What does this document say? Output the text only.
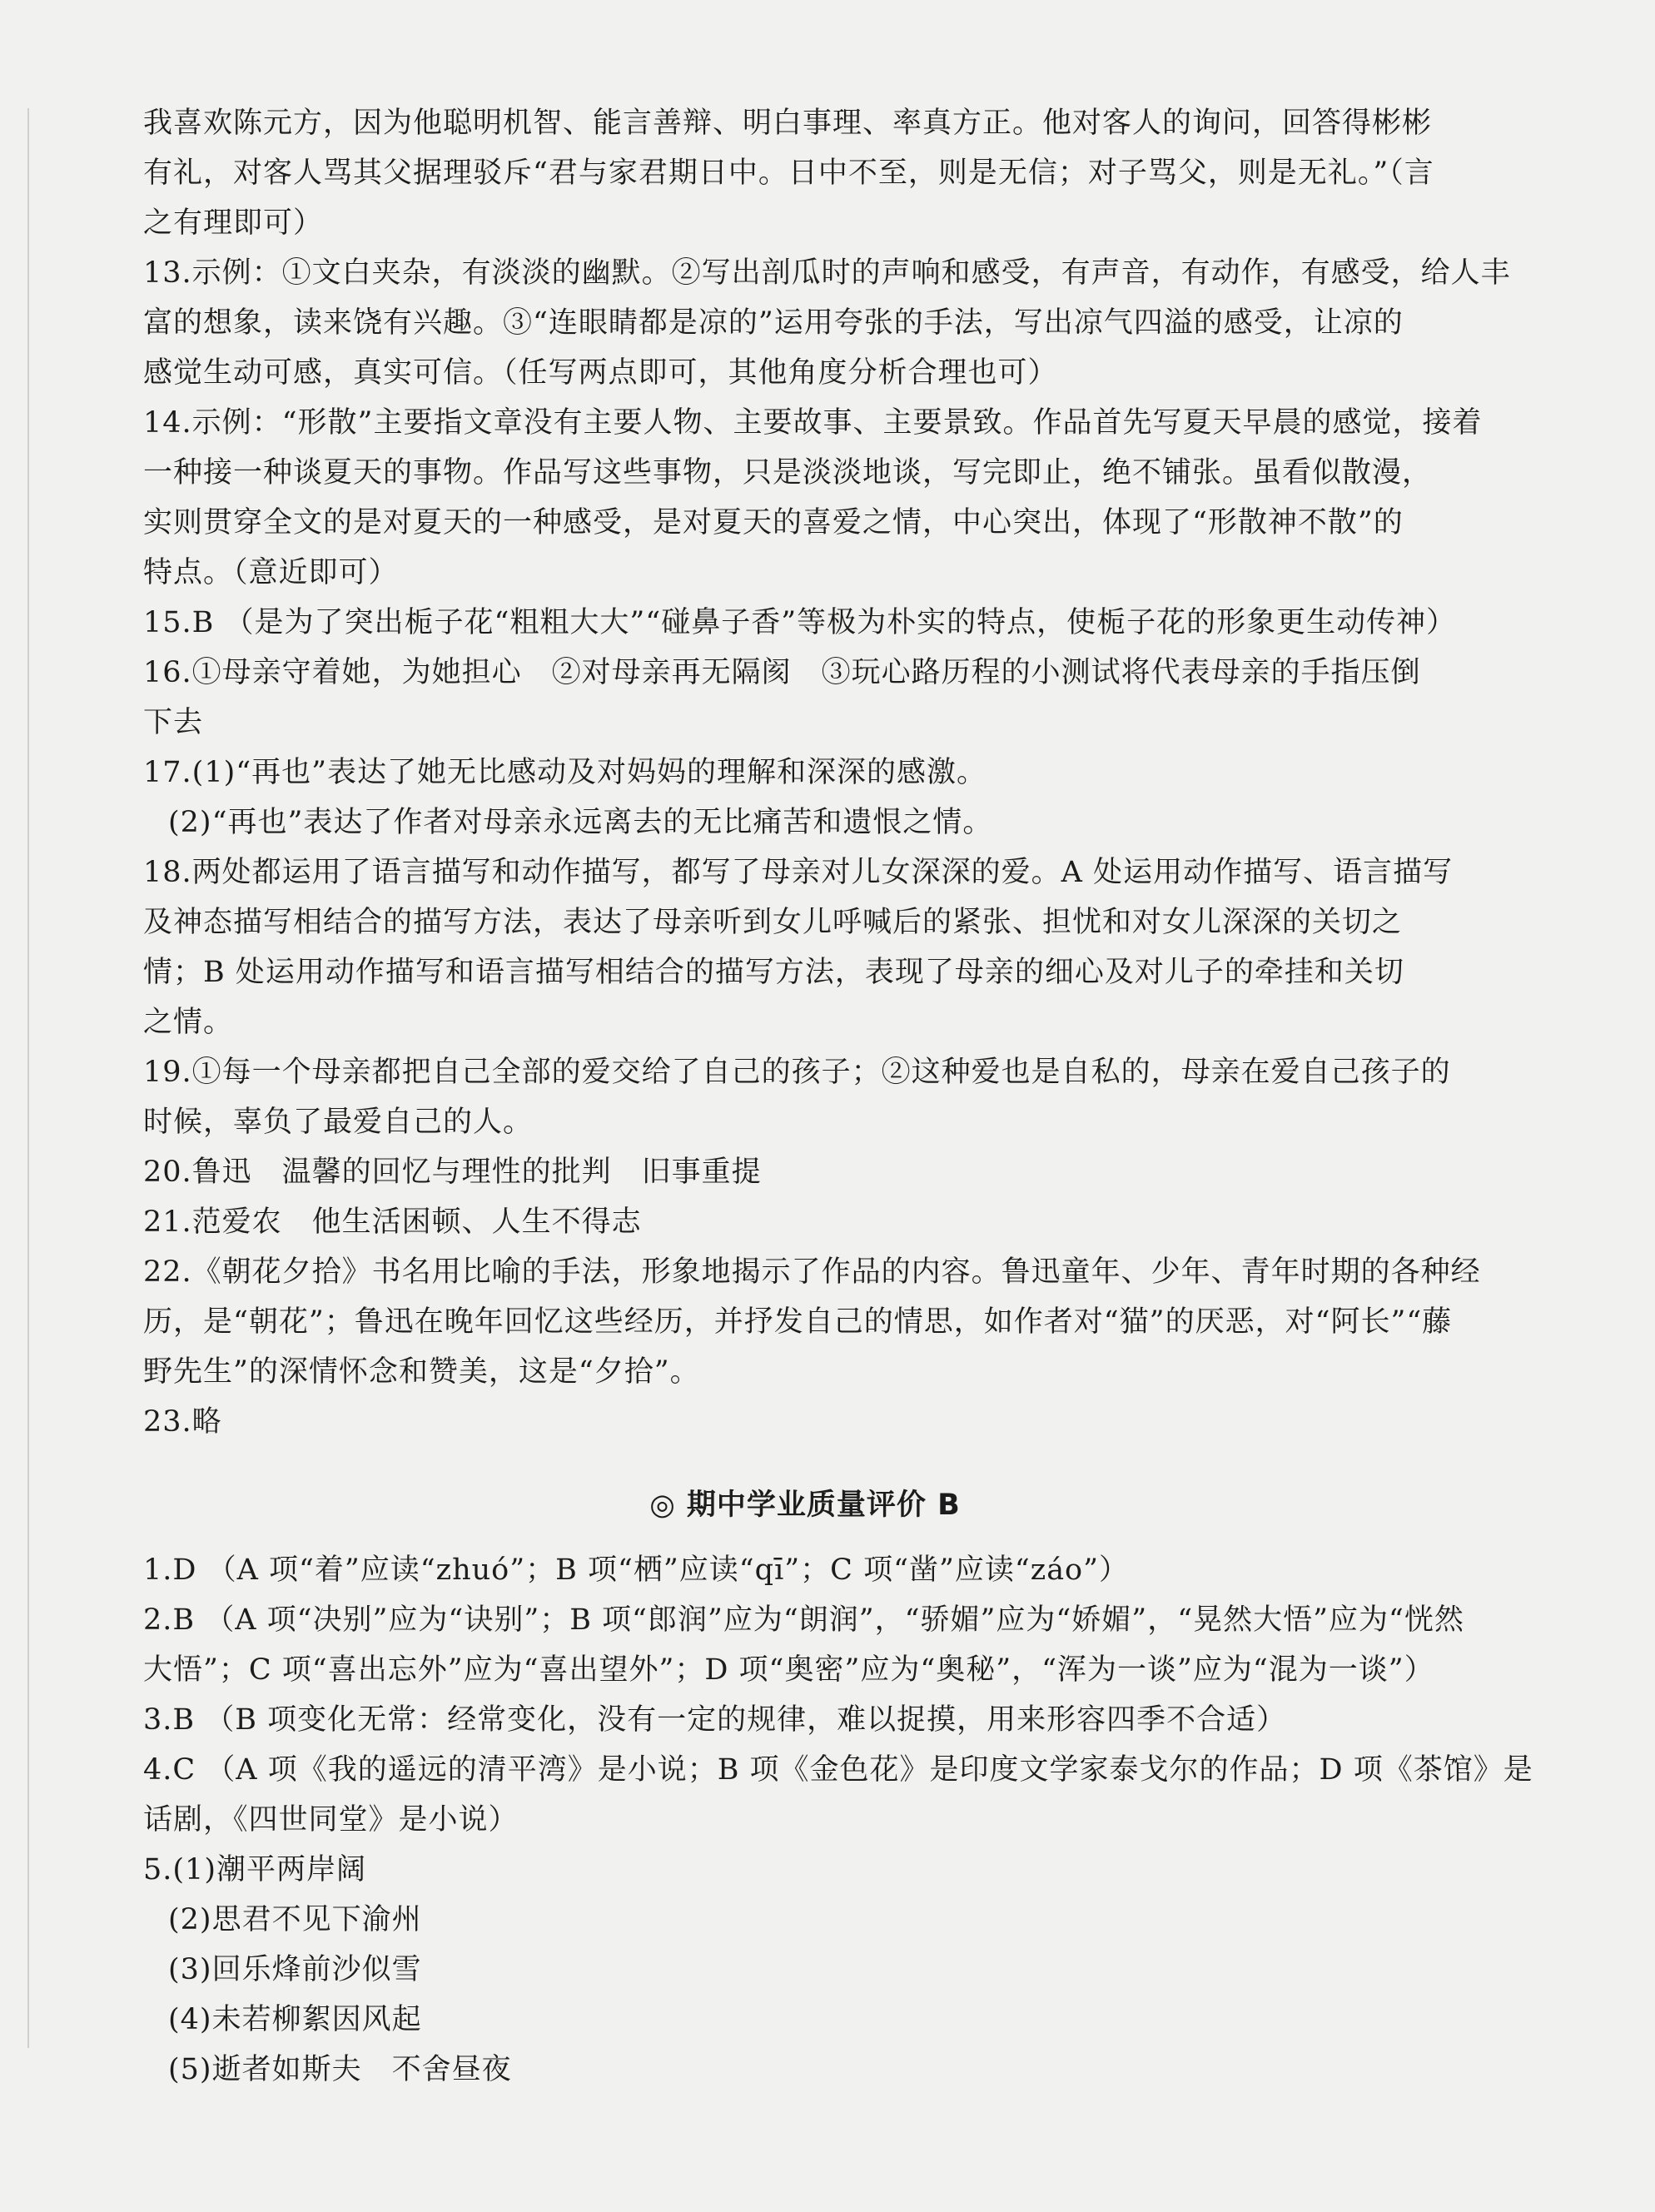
我喜欢陈元方，因为他聪明机智、能言善辩、明白事理、率真方正。他对客人的询问，回答得彬彬
有礼，对客人骂其父据理驳斥“君与家君期日中。日中不至，则是无信；对子骂父，则是无礼。”（言
之有理即可）
13.示例：①文白夹杂，有淡淡的幽默。②写出剖瓜时的声响和感受，有声音，有动作，有感受，给人丰
富的想象，读来饶有兴趣。③“连眼睛都是凉的”运用夸张的手法，写出凉气四溢的感受，让凉的
感觉生动可感，真实可信。（任写两点即可，其他角度分析合理也可）
14.示例：“形散”主要指文章没有主要人物、主要故事、主要景致。作品首先写夏天早晨的感觉，接着
一种接一种谈夏天的事物。作品写这些事物，只是淡淡地谈，写完即止，绝不铺张。虽看似散漫，
实则贯穿全文的是对夏天的一种感受，是对夏天的喜爱之情，中心突出，体现了“形散神不散”的
特点。（意近即可）
15.B （是为了突出栀子花“粗粗大大”“碰鼻子香”等极为朴实的特点，使栀子花的形象更生动传神）
16.①母亲守着她，为她担心　②对母亲再无隔阂　③玩心路历程的小测试将代表母亲的手指压倒
下去
17.(1)“再也”表达了她无比感动及对妈妈的理解和深深的感激。
(2)“再也”表达了作者对母亲永远离去的无比痛苦和遗恨之情。
18.两处都运用了语言描写和动作描写，都写了母亲对儿女深深的爱。A 处运用动作描写、语言描写
及神态描写相结合的描写方法，表达了母亲听到女儿呼喊后的紧张、担忧和对女儿深深的关切之
情；B 处运用动作描写和语言描写相结合的描写方法，表现了母亲的细心及对儿子的牵挂和关切
之情。
19.①每一个母亲都把自己全部的爱交给了自己的孩子；②这种爱也是自私的，母亲在爱自己孩子的
时候，辜负了最爱自己的人。
20.鲁迅　温馨的回忆与理性的批判　旧事重提
21.范爱农　他生活困顿、人生不得志
22.《朝花夕拾》书名用比喻的手法，形象地揭示了作品的内容。鲁迅童年、少年、青年时期的各种经
历，是“朝花”；鲁迅在晚年回忆这些经历，并抒发自己的情思，如作者对“猫”的厌恶，对“阿长”“藤
野先生”的深情怀念和赞美，这是“夕拾”。
23.略
◎ 期中学业质量评价 B
1.D （A 项“着”应读“zhuó”；B 项“栖”应读“qī”；C 项“凿”应读“záo”）
2.B （A 项“决别”应为“诀别”；B 项“郎润”应为“朗润”，“骄媚”应为“娇媚”，“晃然大悟”应为“恍然
大悟”；C 项“喜出忘外”应为“喜出望外”；D 项“奥密”应为“奥秘”，“浑为一谈”应为“混为一谈”）
3.B （B 项变化无常：经常变化，没有一定的规律，难以捉摸，用来形容四季不合适）
4.C （A 项《我的遥远的清平湾》是小说；B 项《金色花》是印度文学家泰戈尔的作品；D 项《茶馆》是
话剧，《四世同堂》是小说）
5.(1)潮平两岸阔
(2)思君不见下渝州
(3)回乐烽前沙似雪
(4)未若柳絮因风起
(5)逝者如斯夫　不舍昼夜
